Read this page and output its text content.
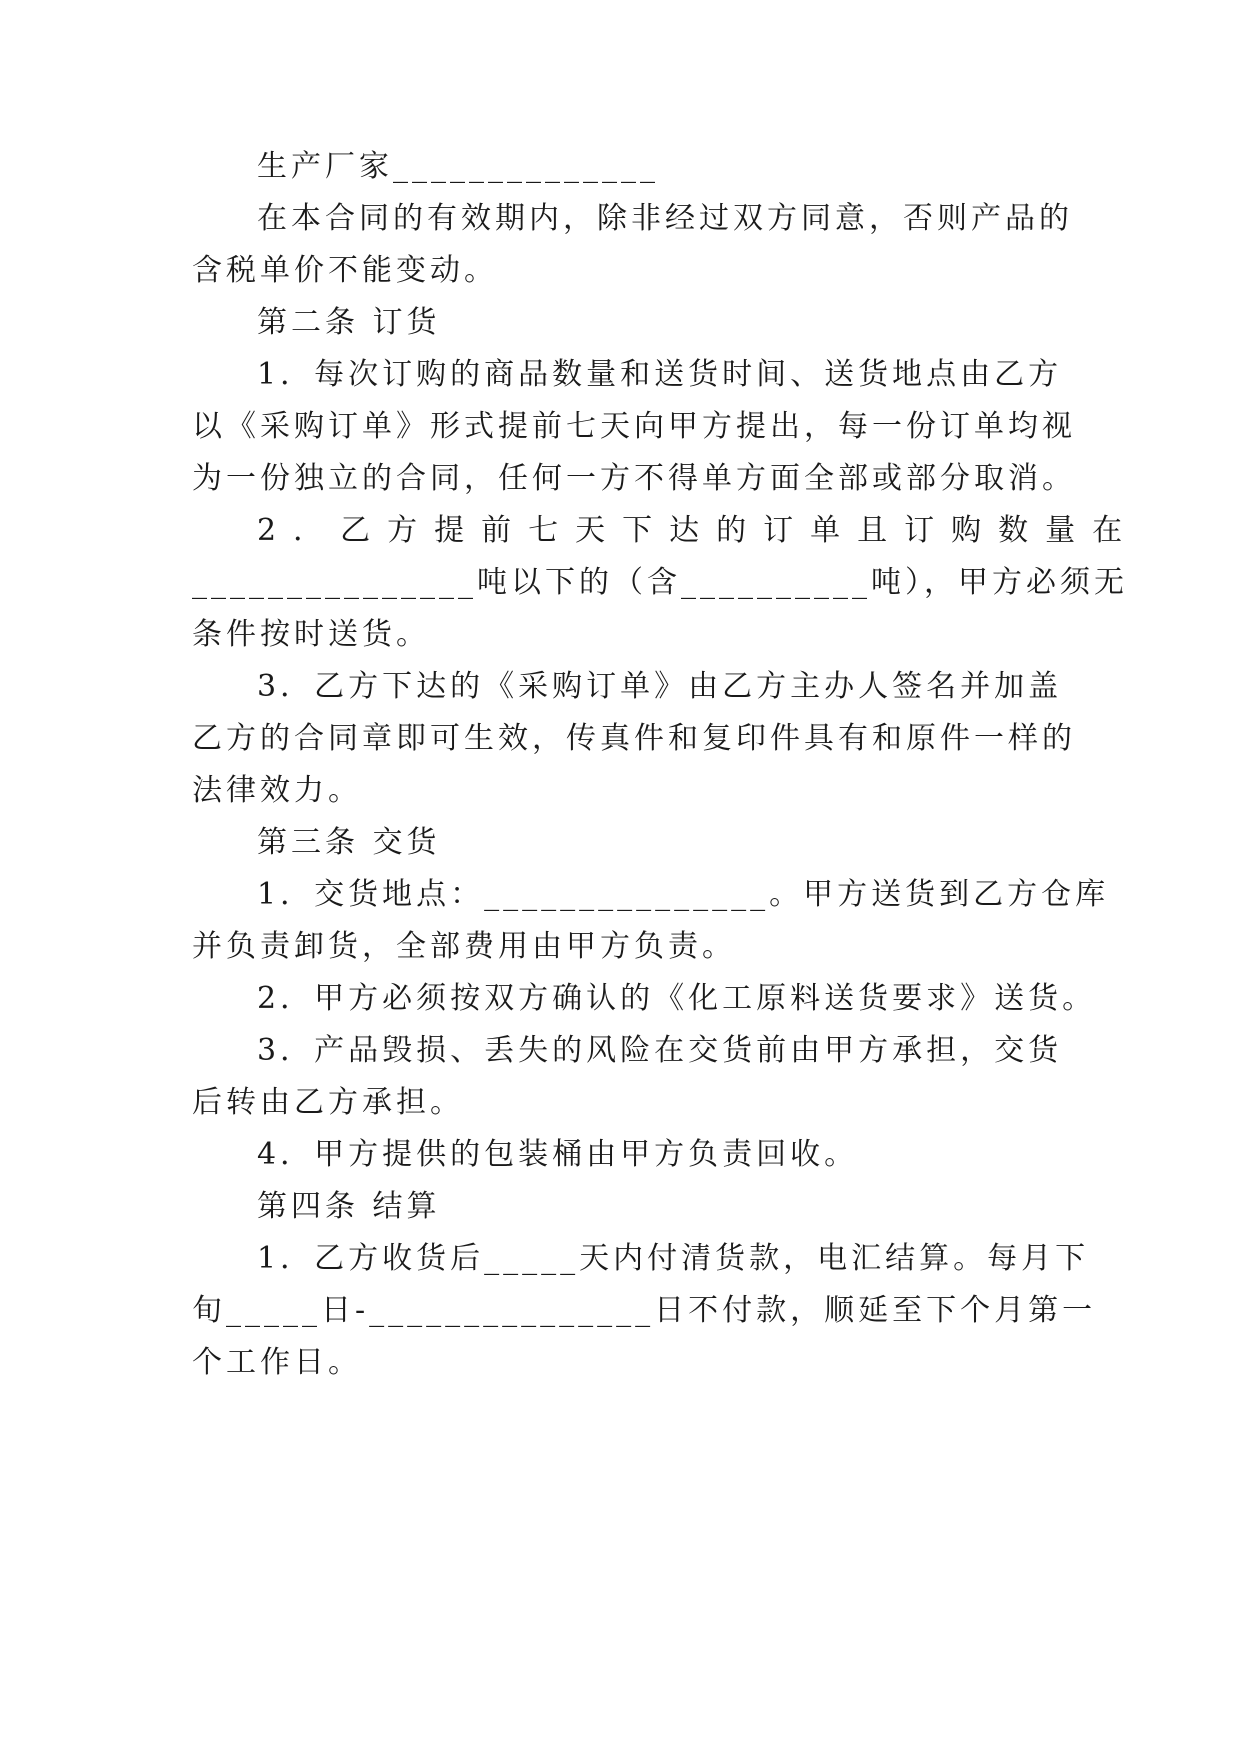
生产厂家______________
在本合同的有效期内，除非经过双方同意，否则产品的
含税单价不能变动。
第二条 订货
1．每次订购的商品数量和送货时间、送货地点由乙方
以《采购订单》形式提前七天向甲方提出，每一份订单均视
为一份独立的合同，任何一方不得单方面全部或部分取消。
2．乙方提前七天下达的订单且订购数量在
_______________吨以下的（含__________吨），甲方必须无
条件按时送货。
3．乙方下达的《采购订单》由乙方主办人签名并加盖
乙方的合同章即可生效，传真件和复印件具有和原件一样的
法律效力。
第三条 交货
1．交货地点：_______________。甲方送货到乙方仓库
并负责卸货，全部费用由甲方负责。
2．甲方必须按双方确认的《化工原料送货要求》送货。
3．产品毁损、丢失的风险在交货前由甲方承担，交货
后转由乙方承担。
4．甲方提供的包装桶由甲方负责回收。
第四条 结算
1．乙方收货后_____天内付清货款，电汇结算。每月下
旬_____日-_______________日不付款，顺延至下个月第一
个工作日。
